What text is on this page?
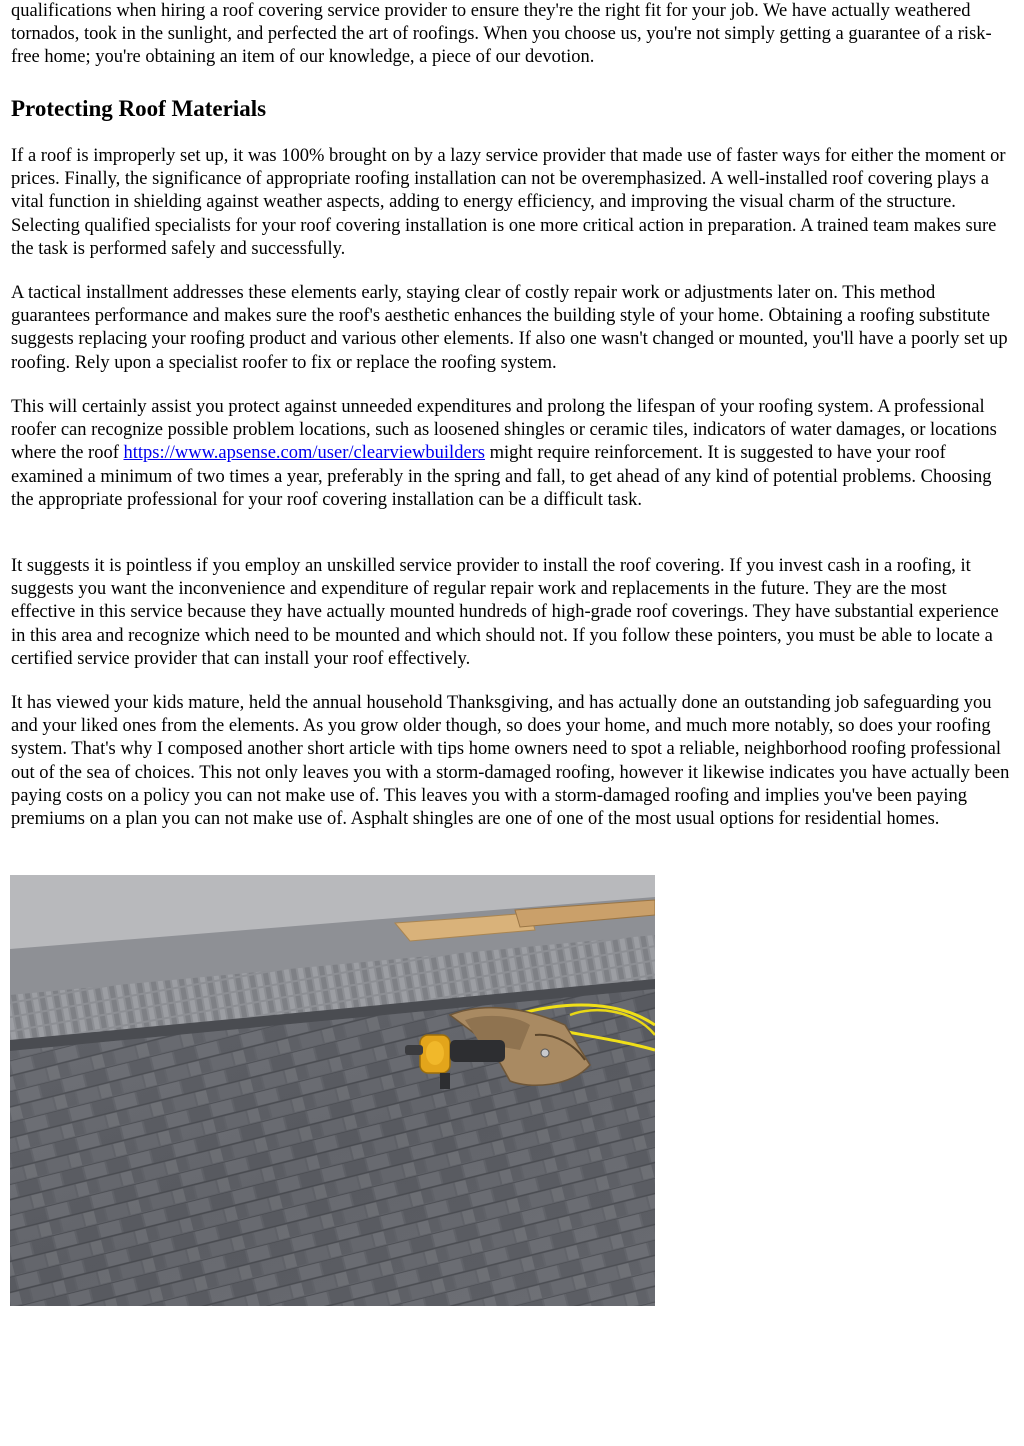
qualifications when hiring a roof covering service provider to ensure they're the right fit for your job. We have actually weathered tornados, took in the sunlight, and perfected the art of roofings. When you choose us, you're not simply getting a guarantee of a risk-free home; you're obtaining an item of our knowledge, a piece of our devotion.

Protecting Roof Materials

If a roof is improperly set up, it was 100% brought on by a lazy service provider that made use of faster ways for either the moment or prices. Finally, the significance of appropriate roofing installation can not be overemphasized. A well-installed roof covering plays a vital function in shielding against weather aspects, adding to energy efficiency, and improving the visual charm of the structure. Selecting qualified specialists for your roof covering installation is one more critical action in preparation. A trained team makes sure the task is performed safely and successfully.

A tactical installment addresses these elements early, staying clear of costly repair work or adjustments later on. This method guarantees performance and makes sure the roof's aesthetic enhances the building style of your home. Obtaining a roofing substitute suggests replacing your roofing product and various other elements. If also one wasn't changed or mounted, you'll have a poorly set up roofing. Rely upon a specialist roofer to fix or replace the roofing system.

This will certainly assist you protect against unneeded expenditures and prolong the lifespan of your roofing system. A professional roofer can recognize possible problem locations, such as loosened shingles or ceramic tiles, indicators of water damages, or locations where the roof https://www.apsense.com/user/clearviewbuilders might require reinforcement. It is suggested to have your roof examined a minimum of two times a year, preferably in the spring and fall, to get ahead of any kind of potential problems. Choosing the appropriate professional for your roof covering installation can be a difficult task.

It suggests it is pointless if you employ an unskilled service provider to install the roof covering. If you invest cash in a roofing, it suggests you want the inconvenience and expenditure of regular repair work and replacements in the future. They are the most effective in this service because they have actually mounted hundreds of high-grade roof coverings. They have substantial experience in this area and recognize which need to be mounted and which should not. If you follow these pointers, you must be able to locate a certified service provider that can install your roof effectively.

It has viewed your kids mature, held the annual household Thanksgiving, and has actually done an outstanding job safeguarding you and your liked ones from the elements. As you grow older though, so does your home, and much more notably, so does your roofing system. That's why I composed another short article with tips home owners need to spot a reliable, neighborhood roofing professional out of the sea of choices. This not only leaves you with a storm-damaged roofing, however it likewise indicates you have actually been paying costs on a policy you can not make use of. This leaves you with a storm-damaged roofing and implies you've been paying premiums on a plan you can not make use of. Asphalt shingles are one of one of the most usual options for residential homes.
